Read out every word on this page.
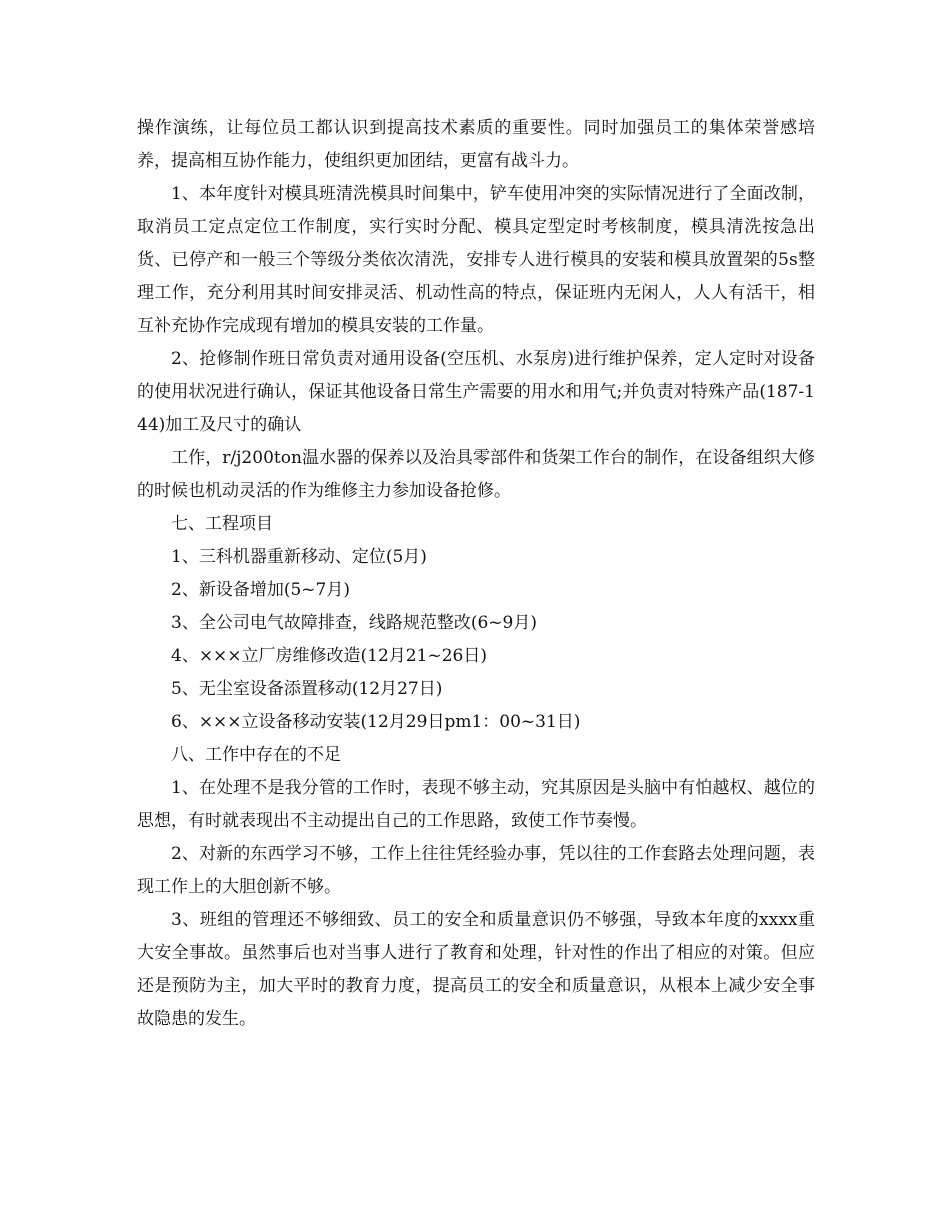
操作演练，让每位员工都认识到提高技术素质的重要性。同时加强员工的集体荣誉感培养，提高相互协作能力，使组织更加团结，更富有战斗力。

1、本年度针对模具班清洗模具时间集中，铲车使用冲突的实际情况进行了全面改制，取消员工定点定位工作制度，实行实时分配、模具定型定时考核制度，模具清洗按急出货、已停产和一般三个等级分类依次清洗，安排专人进行模具的安装和模具放置架的5s整理工作，充分利用其时间安排灵活、机动性高的特点，保证班内无闲人，人人有活干，相互补充协作完成现有增加的模具安装的工作量。

2、抢修制作班日常负责对通用设备(空压机、水泵房)进行维护保养，定人定时对设备的使用状况进行确认，保证其他设备日常生产需要的用水和用气;并负责对特殊产品(187-144)加工及尺寸的确认

工作，r/j200ton温水器的保养以及治具零部件和货架工作台的制作，在设备组织大修的时候也机动灵活的作为维修主力参加设备抢修。

七、工程项目

1、三科机器重新移动、定位(5月)

2、新设备增加(5~7月)

3、全公司电气故障排查，线路规范整改(6~9月)

4、×××立厂房维修改造(12月21~26日)

5、无尘室设备添置移动(12月27日)

6、×××立设备移动安装(12月29日pm1：00~31日)

八、工作中存在的不足

1、在处理不是我分管的工作时，表现不够主动，究其原因是头脑中有怕越权、越位的思想，有时就表现出不主动提出自己的工作思路，致使工作节奏慢。

2、对新的东西学习不够，工作上往往凭经验办事，凭以往的工作套路去处理问题，表现工作上的大胆创新不够。

3、班组的管理还不够细致、员工的安全和质量意识仍不够强，导致本年度的xxxx重大安全事故。虽然事后也对当事人进行了教育和处理，针对性的作出了相应的对策。但应还是预防为主，加大平时的教育力度，提高员工的安全和质量意识，从根本上减少安全事故隐患的发生。
